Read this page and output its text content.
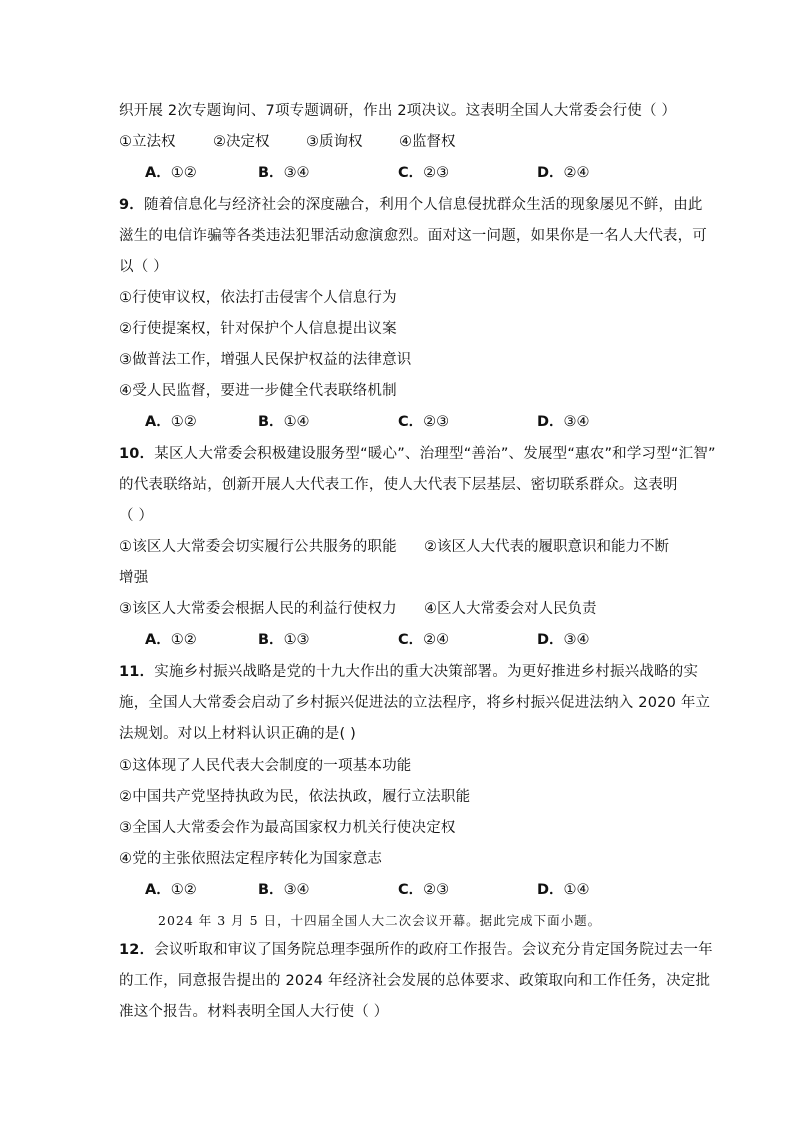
织开展 2次专题询问、7项专题调研，作出 2项决议。这表明全国人大常委会行使（ ）
①立法权	②决定权	③质询权	④监督权
A．①②	B．③④	C．②③	D．②④
9．随着信息化与经济社会的深度融合，利用个人信息侵扰群众生活的现象屡见不鲜，由此
滋生的电信诈骗等各类违法犯罪活动愈演愈烈。面对这一问题，如果你是一名人大代表，可
以（ ）
①行使审议权，依法打击侵害个人信息行为
②行使提案权，针对保护个人信息提出议案
③做普法工作，增强人民保护权益的法律意识
④受人民监督，要进一步健全代表联络机制
A．①②	B．①④	C．②③	D．③④
10．某区人大常委会积极建设服务型“暖心”、治理型“善治”、发展型“惠农”和学习型“汇智”
的代表联络站，创新开展人大代表工作，使人大代表下层基层、密切联系群众。这表明
（ ）
①该区人大常委会切实履行公共服务的职能 ②该区人大代表的履职意识和能力不断
增强
③该区人大常委会根据人民的利益行使权力 ④区人大常委会对人民负责
A．①②	B．①③	C．②④	D．③④
11．实施乡村振兴战略是党的十九大作出的重大决策部署。为更好推进乡村振兴战略的实
施，全国人大常委会启动了乡村振兴促进法的立法程序，将乡村振兴促进法纳入 2020 年立
法规划。对以上材料认识正确的是( )
①这体现了人民代表大会制度的一项基本功能
②中国共产党坚持执政为民，依法执政，履行立法职能
③全国人大常委会作为最高国家权力机关行使决定权
④党的主张依照法定程序转化为国家意志
A．①②	B．③④	C．②③	D．①④
2024 年 3 月 5 日，十四届全国人大二次会议开幕。据此完成下面小题。
12．会议听取和审议了国务院总理李强所作的政府工作报告。会议充分肯定国务院过去一年
的工作，同意报告提出的 2024 年经济社会发展的总体要求、政策取向和工作任务，决定批
准这个报告。材料表明全国人大行使（ ）
